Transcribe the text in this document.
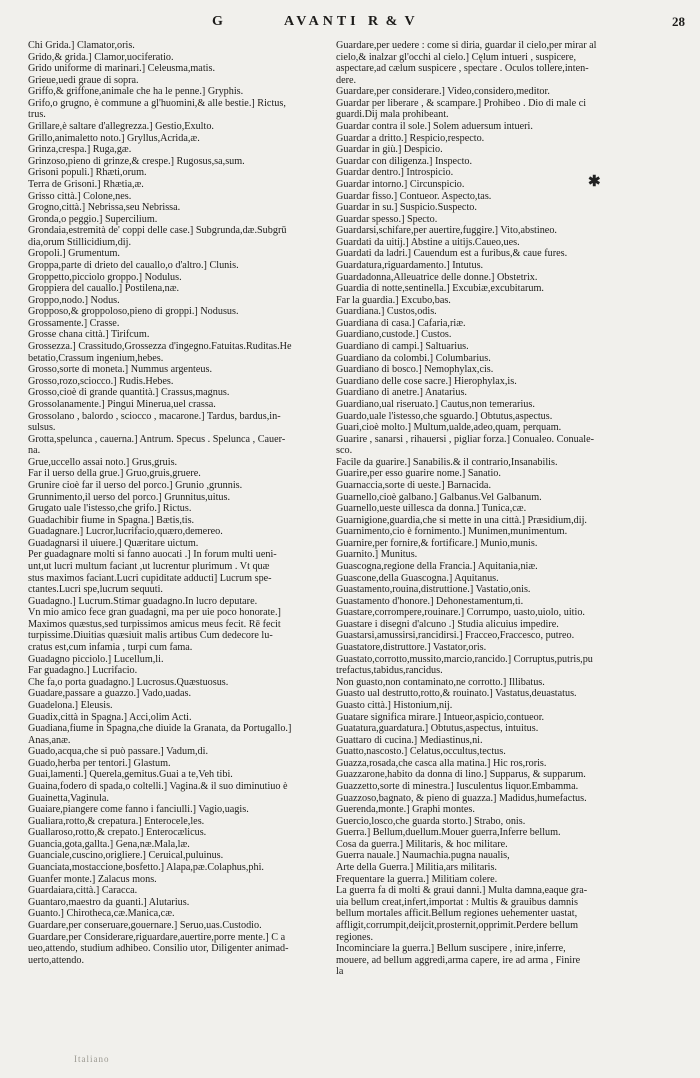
G	AVANTI R & V	28
Chi Grida.] Clamator,oris.
Grido,& grida.] Clamor,uociferatio.
Grido uniforme di marinari.] Celeusma,matis.
Grieue,uedi graue di sopra.
Griffo,& griffone,animale che ha le penne.] Gryphis.
Grifo,o grugno, è commune a gl'huomini,& alle bestie.] Rictus,
trus.
Grillare,è saltare d'allegrezza.] Gestio,Exulto.
Grillo,animaletto noto.] Gryllus,Acrida,æ.
Grinza,crespa.] Ruga,gæ.
Grinzoso,pieno di grinze,& crespe.] Rugosus,sa,sum.
Grisoni populi.] Rhæti,orum.
Terra de Grisoni.] Rhætia,æ.
Grisso città.] Colone,nes.
Grogno,città.] Nebrissa,seu Nebrissa.
Gronda,o peggio.] Supercilium.
Grondaia,estremità de' coppi delle case.] Subgrunda,dæ.Subgrū
dia,orum Stillicidium,dij.
Gropoli.] Grumentum.
Groppa,parte di drieto del cauallo,o d'altro.] Clunis.
Groppetto,picciolo groppo.] Nodulus.
Groppiera del cauallo.] Postilena,næ.
Groppo,nodo.] Nodus.
Gropposo,& groppoloso,pieno di groppi.] Nodusus.
Grossamente.] Crasse.
Grosse chana città.] Tirifcum.
Grossezza.] Crassitudo,Grossezza d'ingegno.Fatuitas.Ruditas.He
betatio,Crassum ingenium,hebes.
Grosso,sorte di moneta.] Nummus argenteus.
Grosso,rozo,sciocco.] Rudis.Hebes.
Grosso,cioè di grande quantità.] Crassus,magnus.
Grossolanamente.] Pingui Minerua,uel crassa.
Grossolano , balordo , sciocco , macarone.] Tardus, bardus,in-
sulsus.
Grotta,spelunca , cauerna.] Antrum. Specus . Spelunca , Cauer-
na.
Grue,uccello assai noto.] Grus,gruis.
Far il uerso della grue.] Gruo,gruis,gruere.
Grunire cioè far il uerso del porco.] Grunio ,grunnis.
Grunnimento,il uerso del porco.] Grunnitus,uitus.
Grugato uale l'istesso,che grifo.] Rictus.
Guadachibir fiume in Spagna.] Bætis,tis.
Guadagnare.] Lucror,lucrifacio,quæro,demereo.
Guadagnarsi il uiuere.] Quæritare uictum.
Per guadagnare molti si fanno auocati .] In forum multi ueni-
unt,ut lucri multum faciant ,ut lucrentur plurimum . Vt quæ
stus maximos faciant.Lucri cupiditate adducti] Lucrum spe-
ctantes.Lucri spe,lucrum sequuti.
Guadagno.] Lucrum.Stimar guadagno.In lucro deputare.
Vn mio amico fece gran guadagni, ma per uie poco honorate.]
Maximos quæstus,sed turpissimos amicus meus fecit. Rē fecit
turpissime.Diuitias quæsiuit malis artibus Cum dedecore lu-
cratus est,cum infamia , turpi cum fama.
Guadagno picciolo.] Lucellum,li.
Far guadagno.] Lucrifacio.
Che fa,o porta guadagno.] Lucrosus.Quæstuosus.
Guadare,passare a guazzo.] Vado,uadas.
Guadelona.] Eleusis.
Guadix,città in Spagna.] Acci,olim Acti.
Guadiana,fiume in Spagna,che diuide la Granata, da Portugallo.]
Anas,anæ.
Guado,acqua,che si può passare.] Vadum,di.
Guado,herba per tentori.] Glastum.
Guai,lamenti.] Querela,gemitus.Guai a te,Veh tibi.
Guaina,fodero di spada,o coltelli.] Vagina.& il suo diminutiuo è
Guainetta,Vaginula.
Guaiare,piangere come fanno i fanciulli.] Vagio,uagis.
Gualiara,rotto,& crepatura.] Enterocele,les.
Guallaroso,rotto,& crepato.] Enterocælicus.
Guancia,gota,gallta.] Gena,næ.Mala,læ.
Guanciale,cuscino,origliere.] Ceruical,puluinus.
Guanciata,mostaccione,bosfetto.] Alapa,pæ.Colaphus,phi.
Guanfer monte.] Zalacus mons.
Guardaiara,città.] Caracca.
Guantaro,maestro da guanti.] Alutarius.
Guanto.] Chirotheca,cæ.Manica,cæ.
Guardare,per conseruare,gouernare.] Seruo,uas.Custodio.
Guardare,per Considerare,riguardare,auertire,porre mente.] C a
ueo,attendo, studium adhibeo. Consilio utor, Diligenter animad-
uerto,attendo.
Guardare,per uedere : come si diria, guardar il cielo,per mirar al
cielo,& inalzar gl'occhi al cielo.] Cęlum intueri , suspicere,
aspectare,ad cælum suspicere , spectare . Oculos tollere,inten-
dere.
Guardare,per considerare.] Video,considero,meditor.
Guardar per liberare , & scampare.] Prohibeo . Dio di male ci
guardi.Dij mala prohibeant.
Guardar contra il sole.] Solem aduersum intueri.
Guardar a dritto.] Respicio,respecto.
Guardar in giù.] Despicio.
Guardar con diligenza.] Inspecto.
Guardar dentro.] Introspicio.
Guardar intorno.] Circunspicio.
Guardar fisso.] Contueor. Aspecto,tas.
Guardar in su.] Suspicio.Suspecto.
Guardar spesso.] Specto.
Guardarsi,schifare,per auertire,fuggire.] Vito,abstineo.
Guardati da uitij.] Abstine a uitijs.Caueo,ues.
Guardati da ladri.] Cauendum est a furibus,& caue fures.
Guardatura,riguardamento.] Intutus.
Guardadonna,Alleuatrice delle donne.] Obstetrix.
Guardia di notte,sentinella.] Excubiæ,excubitarum.
Far la guardia.] Excubo,bas.
Guardiana.] Custos,odis.
Guardiana di casa.] Cafaria,riæ.
Guardiano,custode.] Custos.
Guardiano di campi.] Saltuarius.
Guardiano da colombi.] Columbarius.
Guardiano di bosco.] Nemophylax,cis.
Guardiano delle cose sacre.] Hierophylax,is.
Guardiano di anetre.] Anatarius.
Guardiano,ual riseruato.] Cautus,non temerarius.
Guardo,uale l'istesso,che sguardo.] Obtutus,aspectus.
Guari,cioè molto.] Multum,ualde,adeo,quam, perquam.
Guarire , sanarsi , rihauersi , pigliar forza.] Conualeo. Conuale-
sco.
Facile da guarire.] Sanabilis.& il contrario,Insanabilis.
Guarire,per esso guarire nome.] Sanatio.
Guarnaccia,sorte di ueste.] Barnacida.
Guarnello,cioè galbano.] Galbanus.Vel Galbanum.
Guarnello,ueste uillesca da donna.] Tunica,cæ.
Guarnigione,guardia,che si mette in una città.] Præsidium,dij.
Guarnimento,cio è fornimento.] Munimen,munimentum.
Guarnire,per fornire,& fortificare.] Munio,munis.
Guarnito.] Munitus.
Guascogna,regione della Francia.] Aquitania,niæ.
Guascone,della Guascogna.] Aquitanus.
Guastamento,rouina,distruttione.] Vastatio,onis.
Guastamento d'honore.] Dehonestamentum,ti.
Guastare,corrompere,rouinare.] Corrumpo, uasto,uiolo, uitio.
Guastare i disegni d'alcuno .] Studia alicuius impedire.
Guastarsi,amussirsi,rancidirsi.] Fracceo,Fraccesco, putreo.
Guastatore,distruttore.] Vastator,oris.
Guastato,corrotto,mussito,marcio,rancido.] Corruptus,putris,pu
trefactus,tabidus,rancidus.
Non guasto,non contaminato,ne corrotto.] Illibatus.
Guasto ual destrutto,rotto,& rouinato.] Vastatus,deuastatus.
Guasto città.] Histonium,nij.
Guatare significa mirare.] Intueor,aspicio,contueor.
Guatatura,guardatura.] Obtutus,aspectus, intuitus.
Guattaro di cucina.] Mediastinus,ni.
Guatto,nascosto.] Celatus,occultus,tectus.
Guazza,rosada,che casca alla matina.] Hic ros,roris.
Guazzarone,habito da donna di lino.] Supparus, & supparum.
Guazzetto,sorte di minestra.] Iusculentus liquor.Embamma.
Guazzoso,bagnato, & pieno di guazza.] Madidus,humefactus.
Guerenda,monte.] Graphi montes.
Guercio,losco,che guarda storto.] Strabo, onis.
Guerra.] Bellum,duellum.Mouer guerra,Inferre bellum.
Cosa da guerra.] Militaris, & hoc militare.
Guerra nauale.] Naumachia.pugna naualis,
Arte della Guerra.] Militia,ars militaris.
Frequentare la guerra.] Militiam colere.
La guerra fa di molti & graui danni.] Multa damna,eaque gra-
uia bellum creat,infert,importat : Multis & grauibus damnis
bellum mortales afficit.Bellum regiones uehementer uastat,
affligit,corrumpit,deijcit,prosternit,opprimit.Perdere bellum
regiones.
Incominciare la guerra.] Bellum suscipere , inire,inferre,
mouere, ad bellum aggredi,arma capere, ire ad arma , Finire
la
✱
Italiano
